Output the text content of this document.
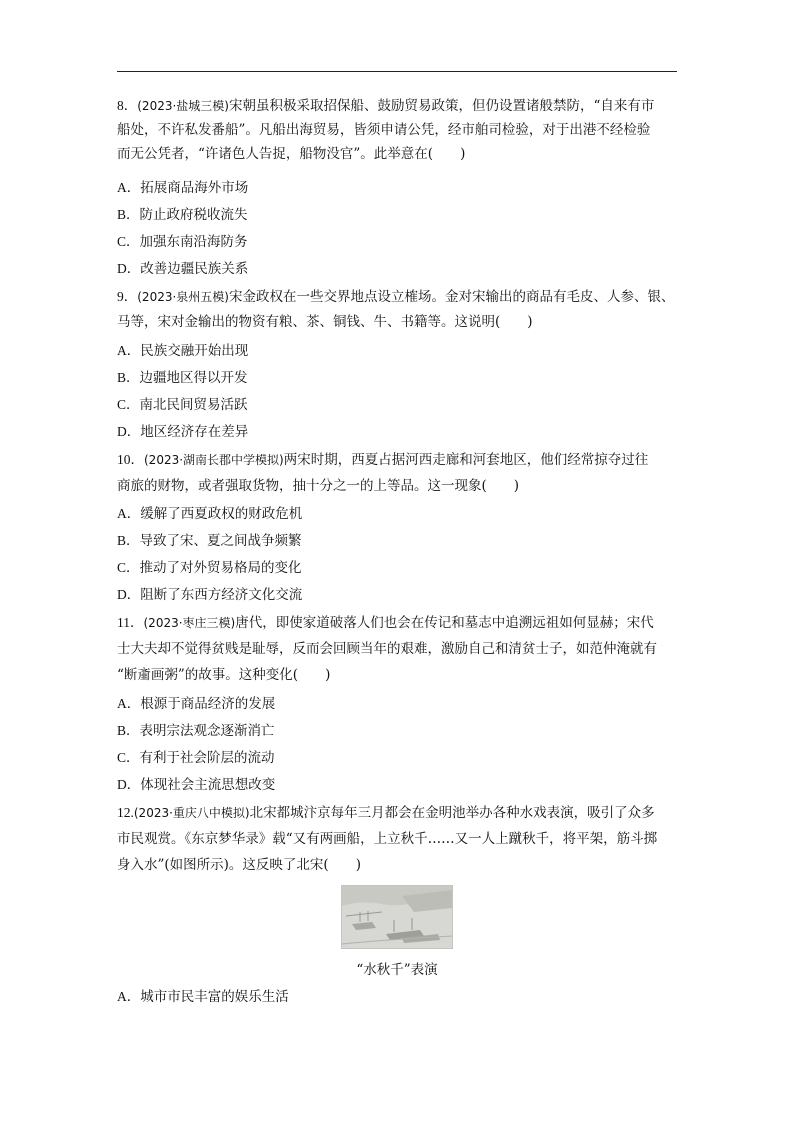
8．(2023·盐城三模)宋朝虽积极采取招保船、鼓励贸易政策，但仍设置诸般禁防，“自来有市
船处，不许私发番船”。凡船出海贸易，皆须申请公凭，经市舶司检验，对于出港不经检验
而无公凭者，“许诸色人告捉，船物没官”。此举意在(　　)
A．拓展商品海外市场
B．防止政府税收流失
C．加强东南沿海防务
D．改善边疆民族关系
9．(2023·泉州五模)宋金政权在一些交界地点设立榷场。金对宋输出的商品有毛皮、人参、银、
马等，宋对金输出的物资有粮、茶、铜钱、牛、书籍等。这说明(　　)
A．民族交融开始出现
B．边疆地区得以开发
C．南北民间贸易活跃
D．地区经济存在差异
10．(2023·湖南长郡中学模拟)两宋时期，西夏占据河西走廊和河套地区，他们经常掠夺过往
商旅的财物，或者强取货物，抽十分之一的上等品。这一现象(　　)
A．缓解了西夏政权的财政危机
B．导致了宋、夏之间战争频繁
C．推动了对外贸易格局的变化
D．阻断了东西方经济文化交流
11．(2023·枣庄三模)唐代，即使家道破落人们也会在传记和墓志中追溯远祖如何显赫；宋代
士大夫却不觉得贫贱是耻辱，反而会回顾当年的艰难，激励自己和清贫士子，如范仲淹就有
“断齑画粥”的故事。这种变化(　　)
A．根源于商品经济的发展
B．表明宗法观念逐渐消亡
C．有利于社会阶层的流动
D．体现社会主流思想改变
12.(2023·重庆八中模拟)北宋都城汴京每年三月都会在金明池举办各种水戏表演，吸引了众多
市民观赏。《东京梦华录》载“又有两画船，上立秋千……又一人上蹴秋千，将平架，筋斗掷
身入水”(如图所示)。这反映了北宋(　　)
“水秋千”表演
A．城市市民丰富的娱乐生活
